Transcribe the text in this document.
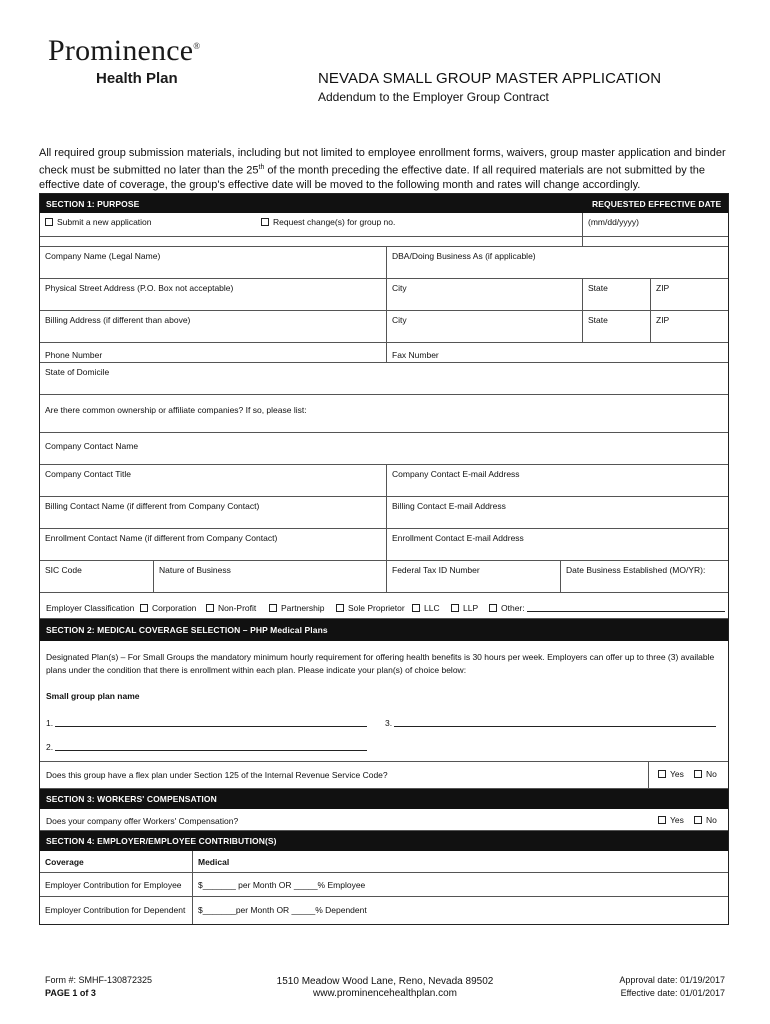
Prominence®
Health Plan	NEVADA SMALL GROUP MASTER APPLICATION
Addendum to the Employer Group Contract
All required group submission materials, including but not limited to employee enrollment forms, waivers, group master application and binder check must be submitted no later than the 25th of the month preceding the effective date. If all required materials are not submitted by the effective date of coverage, the group's effective date will be moved to the following month and rates will change accordingly.
SECTION 1: PURPOSE	REQUESTED EFFECTIVE DATE
Submit a new application	Request change(s) for group no.	(mm/dd/yyyy)
Company Name (Legal Name)	DBA/Doing Business As (if applicable)
Physical Street Address (P.O. Box not acceptable)	City	State	ZIP
Billing Address (if different than above)	City	State	ZIP
Phone Number	Fax Number
State of Domicile
Are there common ownership or affiliate companies? If so, please list:
Company Contact Name
Company Contact Title	Company Contact E-mail Address
Billing Contact Name (if different from Company Contact)	Billing Contact E-mail Address
Enrollment Contact Name (if different from Company Contact)	Enrollment Contact E-mail Address
SIC Code	Nature of Business	Federal Tax ID Number	Date Business Established (MO/YR):
Employer Classification	Corporation	Non-Profit	Partnership	Sole Proprietor	LLC	LLP	Other:
SECTION 2: MEDICAL COVERAGE SELECTION – PHP Medical Plans
Designated Plan(s) – For Small Groups the mandatory minimum hourly requirement for offering health benefits is 30 hours per week. Employers can offer up to three (3) available plans under the condition that there is enrollment within each plan. Please indicate your plan(s) of choice below:
Small group plan name
1.	3.
2.
Does this group have a flex plan under Section 125 of the Internal Revenue Service Code?	Yes	No
SECTION 3: WORKERS' COMPENSATION
Does your company offer Workers' Compensation?	Yes	No
SECTION 4: EMPLOYER/EMPLOYEE CONTRIBUTION(S)
Coverage	Medical
Employer Contribution for Employee	$_______ per Month OR _____% Employee
Employer Contribution for Dependent	$_______per Month OR _____% Dependent
Form #: SMHF-130872325
PAGE 1 of 3
1510 Meadow Wood Lane, Reno, Nevada 89502
www.prominencehealthplan.com
Approval date: 01/19/2017
Effective date: 01/01/2017
